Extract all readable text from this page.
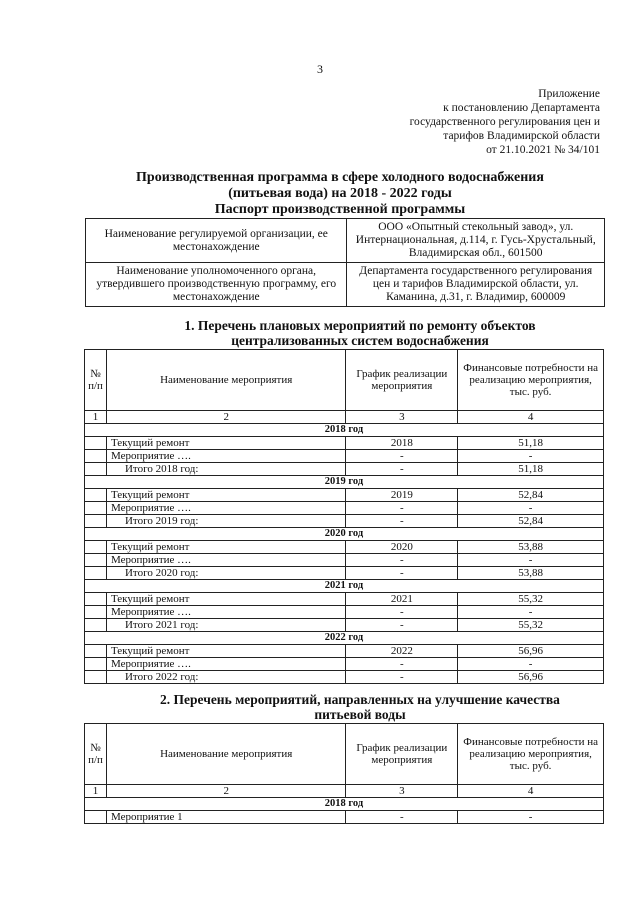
3
Приложение
к постановлению Департамента
государственного регулирования цен и
тарифов Владимирской области
от 21.10.2021 № 34/101
Производственная программа в сфере холодного водоснабжения
(питьевая вода) на 2018 - 2022 годы
Паспорт производственной программы
Наименование регулируемой организации, ее местонахождение	ООО «Опытный стекольный завод», ул. Интернациональная, д.114, г. Гусь-Хрустальный, Владимирская обл., 601500
Наименование уполномоченного органа, утвердившего производственную программу, его местонахождение	Департамента государственного регулирования цен и тарифов Владимирской области, ул. Каманина, д.31, г. Владимир, 600009
1. Перечень плановых мероприятий по ремонту объектов
централизованных систем водоснабжения
№ п/п	Наименование мероприятия	График реализации мероприятия	Финансовые потребности на реализацию мероприятия, тыс. руб.
1	2	3	4
2018 год			
	Текущий ремонт	2018	51,18
	Мероприятие ….	-	-
	Итого 2018 год:	-	51,18
2019 год			
	Текущий ремонт	2019	52,84
	Мероприятие ….	-	-
	Итого 2019 год:	-	52,84
2020 год			
	Текущий ремонт	2020	53,88
	Мероприятие ….	-	-
	Итого 2020 год:	-	53,88
2021 год			
	Текущий ремонт	2021	55,32
	Мероприятие ….	-	-
	Итого 2021 год:	-	55,32
2022 год			
	Текущий ремонт	2022	56,96
	Мероприятие ….	-	-
	Итого 2022 год:	-	56,96
2. Перечень мероприятий, направленных на улучшение качества
питьевой воды
№ п/п	Наименование мероприятия	График реализации мероприятия	Финансовые потребности на реализацию мероприятия, тыс. руб.
1	2	3	4
2018 год			
	Мероприятие 1	-	-
